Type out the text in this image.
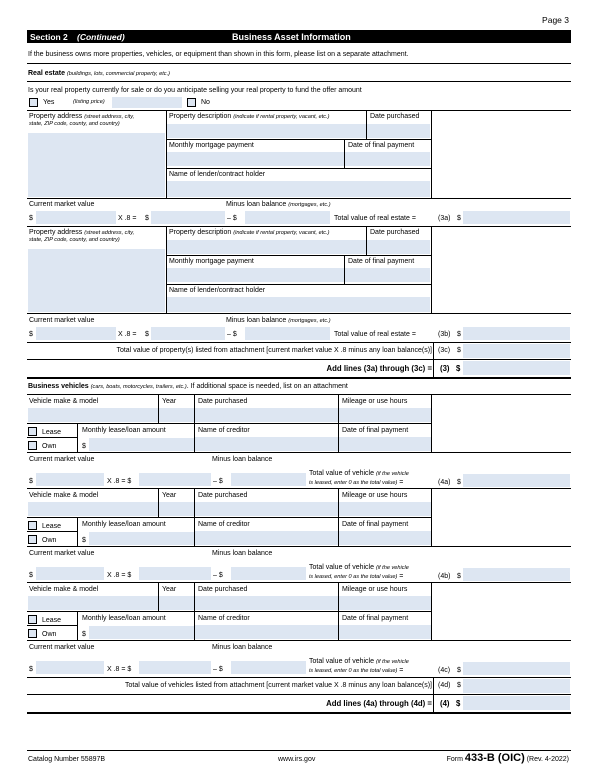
Page 3
Section 2 (Continued)	Business Asset Information
If the business owns more properties, vehicles, or equipment than shown in this form, please list on a separate attachment.
Real estate (buildings, lots, commercial property, etc.)
Is your real property currently for sale or do you anticipate selling your real property to fund the offer amount
Yes	(listing price)	No
Property address (street address, city,
state, ZIP code, county, and country)
Property description (indicate if rental property, vacant, etc.)	Date purchased
Monthly mortgage payment	Date of final payment
Name of lender/contract holder
Current market value	Minus loan balance (mortgages, etc.)
$	X .8 = $	– $	Total value of real estate =	(3a) $
Property address (street address, city,
state, ZIP code, county, and country)
Property description (indicate if rental property, vacant, etc.)	Date purchased
Monthly mortgage payment	Date of final payment
Name of lender/contract holder
Current market value	Minus loan balance (mortgages, etc.)
$	X .8 = $	– $	Total value of real estate =	(3b) $
Total value of property(s) listed from attachment [current market value X .8 minus any loan balance(s)] (3c) $
Add lines (3a) through (3c) = (3) $
Business vehicles (cars, boats, motorcycles, trailers, etc.). If additional space is needed, list on an attachment
Vehicle make & model	Year	Date purchased	Mileage or use hours
Lease
Own
Monthly lease/loan amount
$
Name of creditor	Date of final payment
Current market value	Minus loan balance
$	X .8 = $	– $
Total value of vehicle (if the vehicle
is leased, enter 0 as the total value) =	(4a) $
Vehicle make & model	Year	Date purchased	Mileage or use hours
Lease
Own
Monthly lease/loan amount
$
Name of creditor	Date of final payment
Current market value	Minus loan balance
$	X .8 = $	– $
Total value of vehicle (if the vehicle
is leased, enter 0 as the total value) =	(4b) $
Vehicle make & model	Year	Date purchased	Mileage or use hours
Lease
Own
Monthly lease/loan amount
$
Name of creditor	Date of final payment
Current market value	Minus loan balance
$	X .8 = $	– $
Total value of vehicle (if the vehicle
is leased, enter 0 as the total value) =	(4c) $
Total value of vehicles listed from attachment [current market value X .8 minus any loan balance(s)] (4d) $
Add lines (4a) through (4d) = (4) $
Catalog Number 55897B	www.irs.gov	Form 433-B (OIC) (Rev. 4-2022)
